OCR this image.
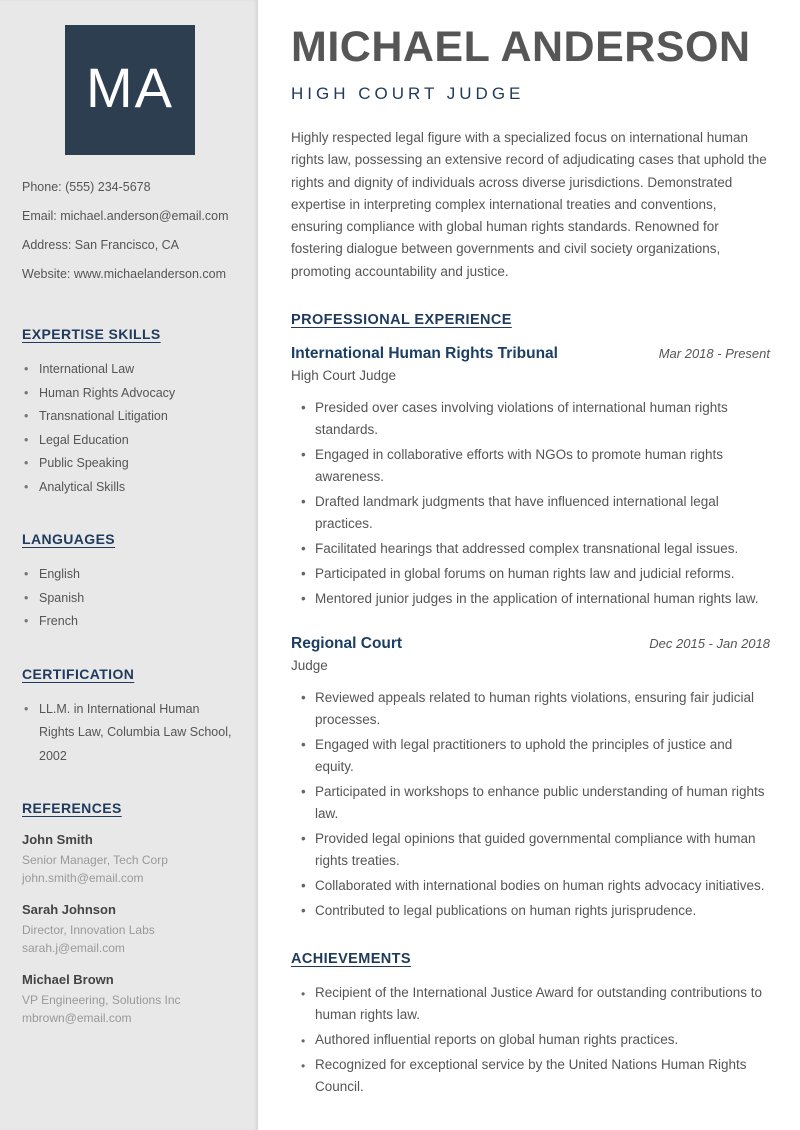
MA
Phone: (555) 234-5678
Email: michael.anderson@email.com
Address: San Francisco, CA
Website: www.michaelanderson.com
EXPERTISE SKILLS
• International Law
• Human Rights Advocacy
• Transnational Litigation
• Legal Education
• Public Speaking
• Analytical Skills
LANGUAGES
• English
• Spanish
• French
CERTIFICATION
• LL.M. in International Human Rights Law, Columbia Law School, 2002
REFERENCES
John Smith
Senior Manager, Tech Corp
john.smith@email.com
Sarah Johnson
Director, Innovation Labs
sarah.j@email.com
Michael Brown
VP Engineering, Solutions Inc
mbrown@email.com
MICHAEL ANDERSON
HIGH COURT JUDGE

Highly respected legal figure with a specialized focus on international human rights law, possessing an extensive record of adjudicating cases that uphold the rights and dignity of individuals across diverse jurisdictions. Demonstrated expertise in interpreting complex international treaties and conventions, ensuring compliance with global human rights standards. Renowned for fostering dialogue between governments and civil society organizations, promoting accountability and justice.

PROFESSIONAL EXPERIENCE
International Human Rights Tribunal	Mar 2018 - Present
High Court Judge
• Presided over cases involving violations of international human rights standards.
• Engaged in collaborative efforts with NGOs to promote human rights awareness.
• Drafted landmark judgments that have influenced international legal practices.
• Facilitated hearings that addressed complex transnational legal issues.
• Participated in global forums on human rights law and judicial reforms.
• Mentored junior judges in the application of international human rights law.
Regional Court	Dec 2015 - Jan 2018
Judge
• Reviewed appeals related to human rights violations, ensuring fair judicial processes.
• Engaged with legal practitioners to uphold the principles of justice and equity.
• Participated in workshops to enhance public understanding of human rights law.
• Provided legal opinions that guided governmental compliance with human rights treaties.
• Collaborated with international bodies on human rights advocacy initiatives.
• Contributed to legal publications on human rights jurisprudence.
ACHIEVEMENTS
• Recipient of the International Justice Award for outstanding contributions to human rights law.
• Authored influential reports on global human rights practices.
• Recognized for exceptional service by the United Nations Human Rights Council.
